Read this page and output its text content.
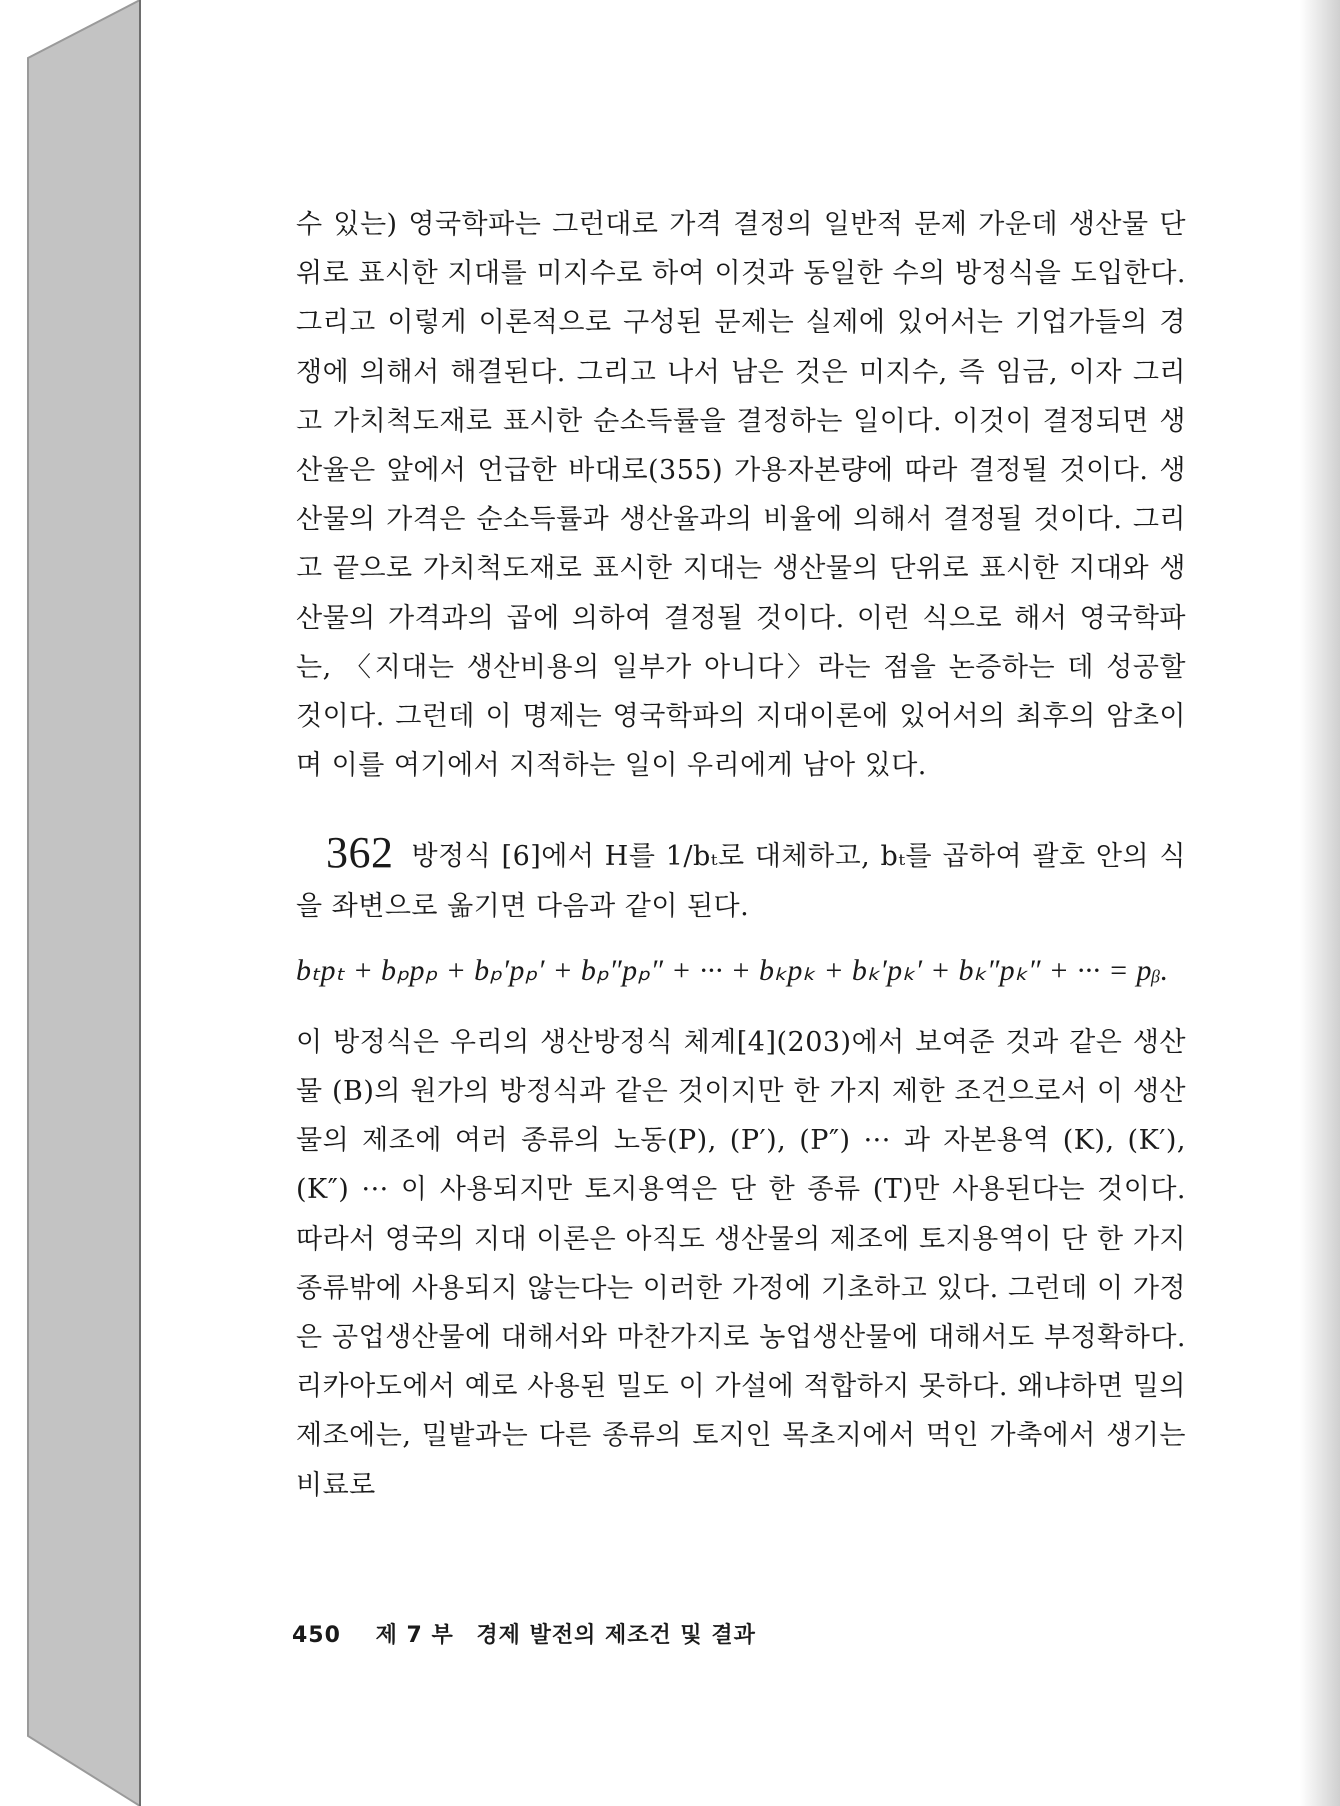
수 있는) 영국학파는 그런대로 가격 결정의 일반적 문제 가운데 생산물 단위로 표시한 지대를 미지수로 하여 이것과 동일한 수의 방정식을 도입한다. 그리고 이렇게 이론적으로 구성된 문제는 실제에 있어서는 기업가들의 경쟁에 의해서 해결된다. 그리고 나서 남은 것은 미지수, 즉 임금, 이자 그리고 가치척도재로 표시한 순소득률을 결정하는 일이다. 이것이 결정되면 생산율은 앞에서 언급한 바대로(355) 가용자본량에 따라 결정될 것이다. 생산물의 가격은 순소득률과 생산율과의 비율에 의해서 결정될 것이다. 그리고 끝으로 가치척도재로 표시한 지대는 생산물의 단위로 표시한 지대와 생산물의 가격과의 곱에 의하여 결정될 것이다. 이런 식으로 해서 영국학파는, 〈지대는 생산비용의 일부가 아니다〉라는 점을 논증하는 데 성공할 것이다. 그런데 이 명제는 영국학파의 지대이론에 있어서의 최후의 암초이며 이를 여기에서 지적하는 일이 우리에게 남아 있다.

362 방정식 [6]에서 H를 1/bₜ로 대체하고, bₜ를 곱하여 괄호 안의 식을 좌변으로 옮기면 다음과 같이 된다.

bₜpₜ + bₚpₚ + bₚ′pₚ′ + bₚ″pₚ″ + ··· + bₖpₖ + bₖ′pₖ′ + bₖ″pₖ″ + ··· = pᵦ.

이 방정식은 우리의 생산방정식 체계[4](203)에서 보여준 것과 같은 생산물 (B)의 원가의 방정식과 같은 것이지만 한 가지 제한 조건으로서 이 생산물의 제조에 여러 종류의 노동(P), (P′), (P″) ··· 과 자본용역 (K), (K′), (K″) ··· 이 사용되지만 토지용역은 단 한 종류 (T)만 사용된다는 것이다. 따라서 영국의 지대 이론은 아직도 생산물의 제조에 토지용역이 단 한 가지 종류밖에 사용되지 않는다는 이러한 가정에 기초하고 있다. 그런데 이 가정은 공업생산물에 대해서와 마찬가지로 농업생산물에 대해서도 부정확하다. 리카아도에서 예로 사용된 밀도 이 가설에 적합하지 못하다. 왜냐하면 밀의 제조에는, 밀밭과는 다른 종류의 토지인 목초지에서 먹인 가축에서 생기는 비료로

450 제 7 부 경제 발전의 제조건 및 결과
